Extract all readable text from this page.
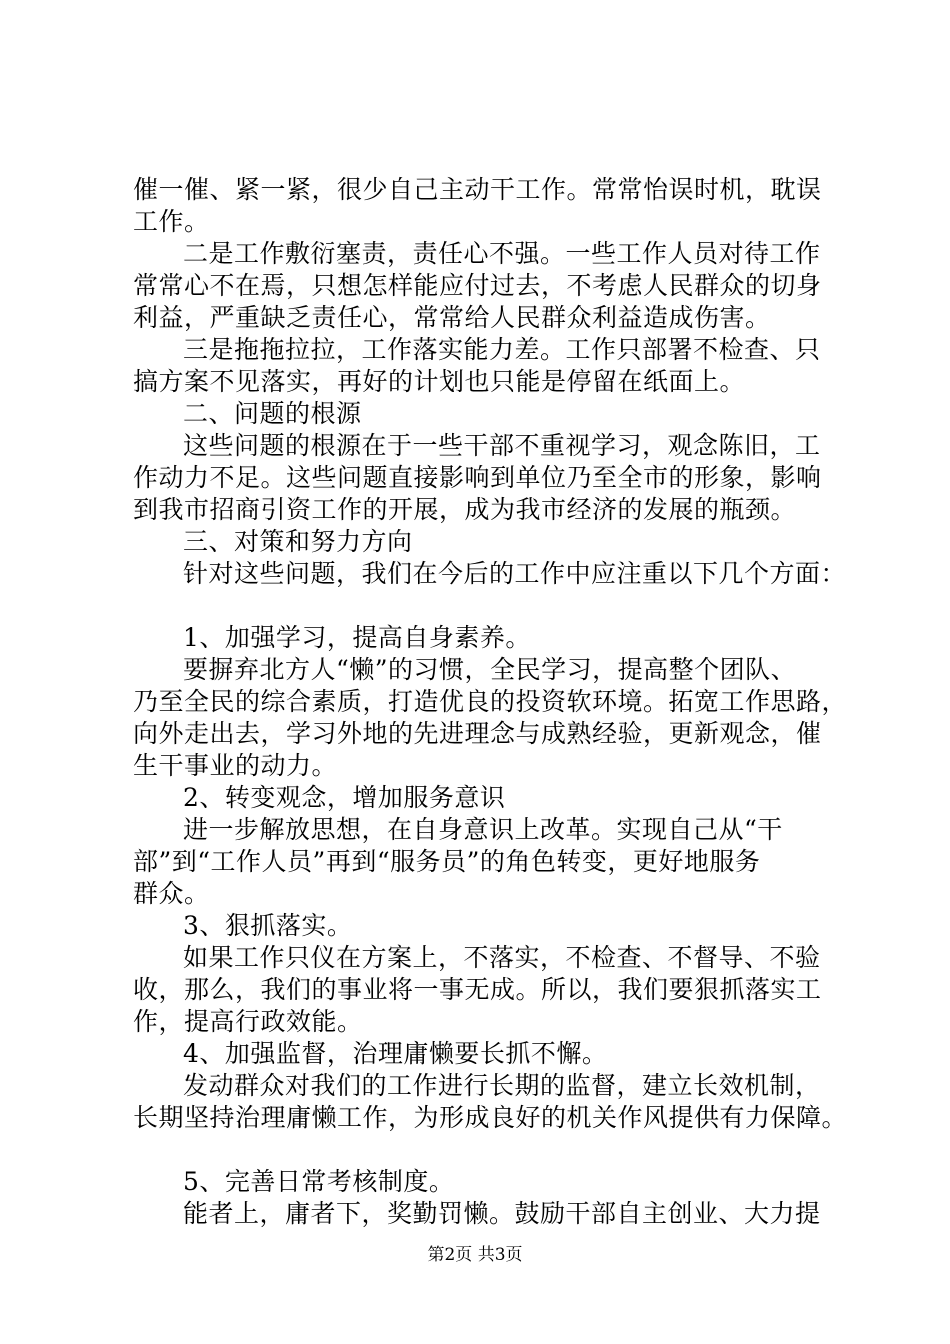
催一催、紧一紧，很少自己主动干工作。常常怡误时机，耽误
工作。
二是工作敷衍塞责，责任心不强。一些工作人员对待工作
常常心不在焉，只想怎样能应付过去，不考虑人民群众的切身
利益，严重缺乏责任心，常常给人民群众利益造成伤害。
三是拖拖拉拉，工作落实能力差。工作只部署不检查、只
搞方案不见落实，再好的计划也只能是停留在纸面上。
二、问题的根源
这些问题的根源在于一些干部不重视学习，观念陈旧，工
作动力不足。这些问题直接影响到单位乃至全市的形象，影响
到我市招商引资工作的开展，成为我市经济的发展的瓶颈。
三、对策和努力方向
针对这些问题，我们在今后的工作中应注重以下几个方面：
1、加强学习，提高自身素养。
要摒弃北方人“懒”的习惯，全民学习，提高整个团队、
乃至全民的综合素质，打造优良的投资软环境。拓宽工作思路，
向外走出去，学习外地的先进理念与成熟经验，更新观念，催
生干事业的动力。
2、转变观念，增加服务意识
进一步解放思想，在自身意识上改革。实现自己从“干
部”到“工作人员”再到“服务员”的角色转变，更好地服务
群众。
3、狠抓落实。
如果工作只仪在方案上，不落实，不检查、不督导、不验
收，那么，我们的事业将一事无成。所以，我们要狠抓落实工
作，提高行政效能。
4、加强监督，治理庸懒要长抓不懈。
发动群众对我们的工作进行长期的监督，建立长效机制，
长期坚持治理庸懒工作，为形成良好的机关作风提供有力保障。
5、完善日常考核制度。
能者上，庸者下，奖勤罚懒。鼓励干部自主创业、大力提
第2页 共3页
